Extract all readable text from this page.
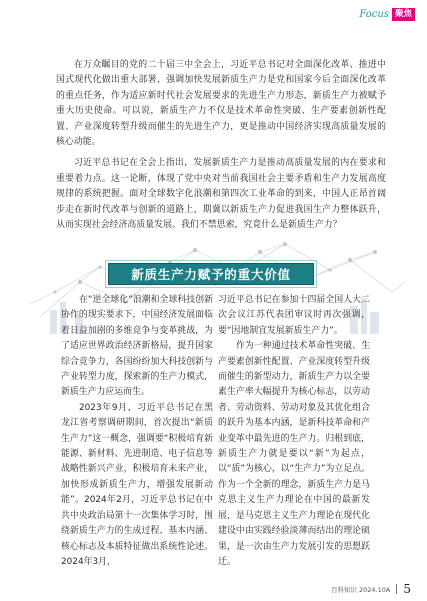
Focus 聚焦

在万众瞩目的党的二十届三中全会上，习近平总书记对全面深化改革、推进中国式现代化做出重大部署，强调加快发展新质生产力是党和国家今后全面深化改革的重点任务，作为适应新时代社会发展要求的先进生产力形态，新质生产力被赋予重大历史使命。可以说，新质生产力不仅是技术革命性突破、生产要素创新性配置、产业深度转型升级而催生的先进生产力，更是推动中国经济实现高质量发展的核心动能。

习近平总书记在全会上指出，发展新质生产力是推动高质量发展的内在要求和重要着力点。这一论断，体现了党中央对当前我国社会主要矛盾和生产力发展高度规律的系统把握。面对全球数字化浪潮和第四次工业革命的到来，中国人正昂首阔步走在新时代改革与创新的道路上，期冀以新质生产力促进我国生产力整体跃升，从而实现社会经济高质量发展。我们不禁思索，究竟什么是新质生产力？

新质生产力赋予的重大价值

在“逆全球化”浪潮和全球科技创新协作的现实要求下，中国经济发展面临着日益加剧的多维竞争与变革挑战，为了适应世界政治经济新格局，提升国家综合竞争力，各国纷纷加大科技创新与产业转型力度，探索新的生产力模式，新质生产力应运而生。

2023年9月，习近平总书记在黑龙江省考察调研期间，首次提出“新质生产力”这一概念，强调要“积极培育新能源、新材料、先进制造、电子信息等战略性新兴产业，积极培育未来产业，加快形成新质生产力，增强发展新动能”。2024年2月，习近平总书记在中共中央政治局第十一次集体学习时，围绕新质生产力的生成过程、基本内涵、核心标志及本质特征做出系统性论述。2024年3月，

习近平总书记在参加十四届全国人大二次会议江苏代表团审议时再次强调，要“因地制宜发展新质生产力”。

作为一种通过技术革命性突破、生产要素创新性配置、产业深度转型升级而催生的新型动力，新质生产力以全要素生产率大幅提升为核心标志，以劳动者、劳动资料、劳动对象及其优化组合的跃升为基本内涵，是新科技革命和产业变革中最先进的生产力。归根到底，新质生产力就是要以“新”为起点，以“质”为核心，以“生产力”为立足点。作为一个全新的理念，新质生产力是马克思主义生产力理论在中国的最新发展，是马克思主义生产力理论在现代化建设中由实践经验淡薄而结出的理论硕果，是一次由生产力发展引发的思想跃迁。

百科知识 2024.10A 5
